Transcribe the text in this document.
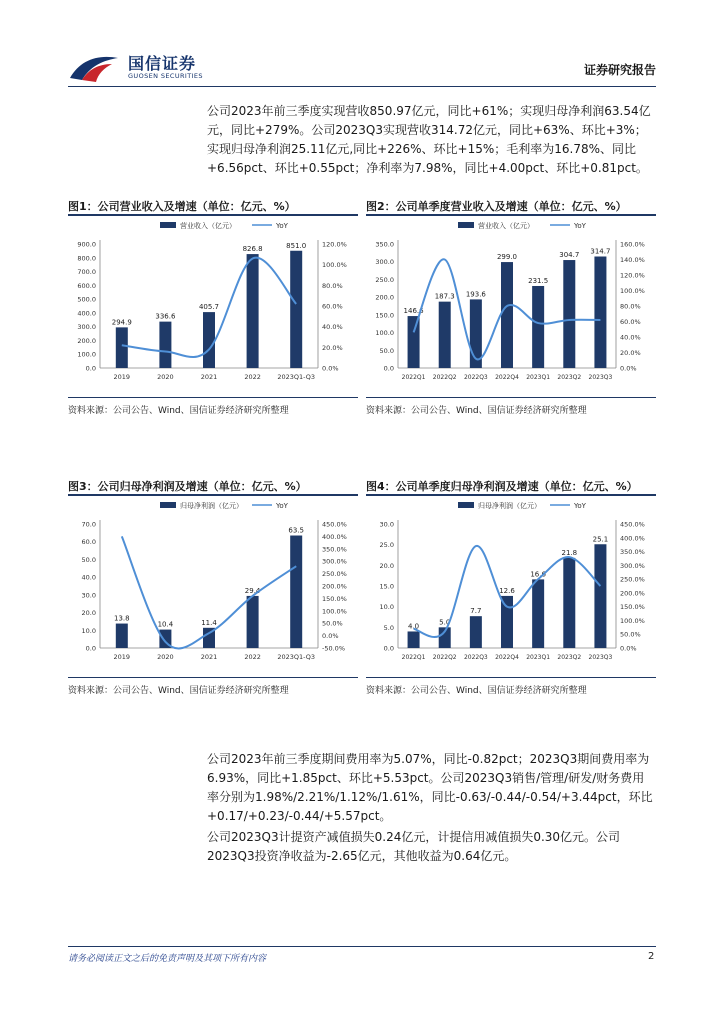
国信证券
GUOSEN SECURITIES	证券研究报告

公司2023年前三季度实现营收850.97亿元，同比+61%；实现归母净利润63.54亿元，同比+279%。公司2023Q3实现营收314.72亿元，同比+63%、环比+3%；实现归母净利润25.11亿元,同比+226%、环比+15%；毛利率为16.78%、同比+6.56pct、环比+0.55pct；净利率为7.98%，同比+4.00pct、环比+0.81pct。

图1：公司营业收入及增速（单位：亿元、%）
0.0
100.0
200.0
300.0
400.0
500.0
600.0
700.0
800.0
900.0
0.0%
20.0%
40.0%
60.0%
80.0%
100.0%
120.0%
294.9
336.6
405.7
826.8	851.0
2019	2020	2021	2022	2023Q1-Q3
营业收入（亿元）	YoY
资料来源：公司公告、Wind、国信证券经济研究所整理
图2：公司单季度营业收入及增速（单位：亿元、%）
0.0
50.0
100.0
150.0
200.0
250.0
300.0
350.0
0.0%
20.0%
40.0%
60.0%
80.0%
100.0%
120.0%
140.0%
160.0%
146.6
187.3 193.6
299.0
231.5
304.7 314.7
2022Q1 2022Q2 2022Q3 2022Q4 2023Q1 2023Q2 2023Q3
营业收入（亿元）	YoY
资料来源：公司公告、Wind、国信证券经济研究所整理
图3：公司归母净利润及增速（单位：亿元、%）
0.0
10.0
20.0
30.0
40.0
50.0
60.0
70.0
-50.0%
0.0%
50.0%
100.0%
150.0%
200.0%
250.0%
300.0%
350.0%
400.0%
450.0%
13.8
10.4	11.4
29.4
63.5
2019	2020	2021	2022	2023Q1-Q3
归母净利润（亿元）	YoY
资料来源：公司公告、Wind、国信证券经济研究所整理
图4：公司单季度归母净利润及增速（单位：亿元、%）
0.0
5.0
10.0
15.0
20.0
25.0
30.0
0.0%
50.0%
100.0%
150.0%
200.0%
250.0%
300.0%
350.0%
400.0%
450.0%
4.0
5.0
7.7
12.6
16.6
21.8
25.1
2022Q1 2022Q2 2022Q3 2022Q4 2023Q1 2023Q2 2023Q3
归母净利润（亿元）	YoY
资料来源：公司公告、Wind、国信证券经济研究所整理

公司2023年前三季度期间费用率为5.07%，同比-0.82pct；2023Q3期间费用率为6.93%，同比+1.85pct、环比+5.53pct。公司2023Q3销售/管理/研发/财务费用率分别为1.98%/2.21%/1.12%/1.61%，同比-0.63/-0.44/-0.54/+3.44pct，环比+0.17/+0.23/-0.44/+5.57pct。

公司2023Q3计提资产减值损失0.24亿元，计提信用减值损失0.30亿元。公司2023Q3投资净收益为-2.65亿元，其他收益为0.64亿元。

请务必阅读正文之后的免责声明及其项下所有内容	2
